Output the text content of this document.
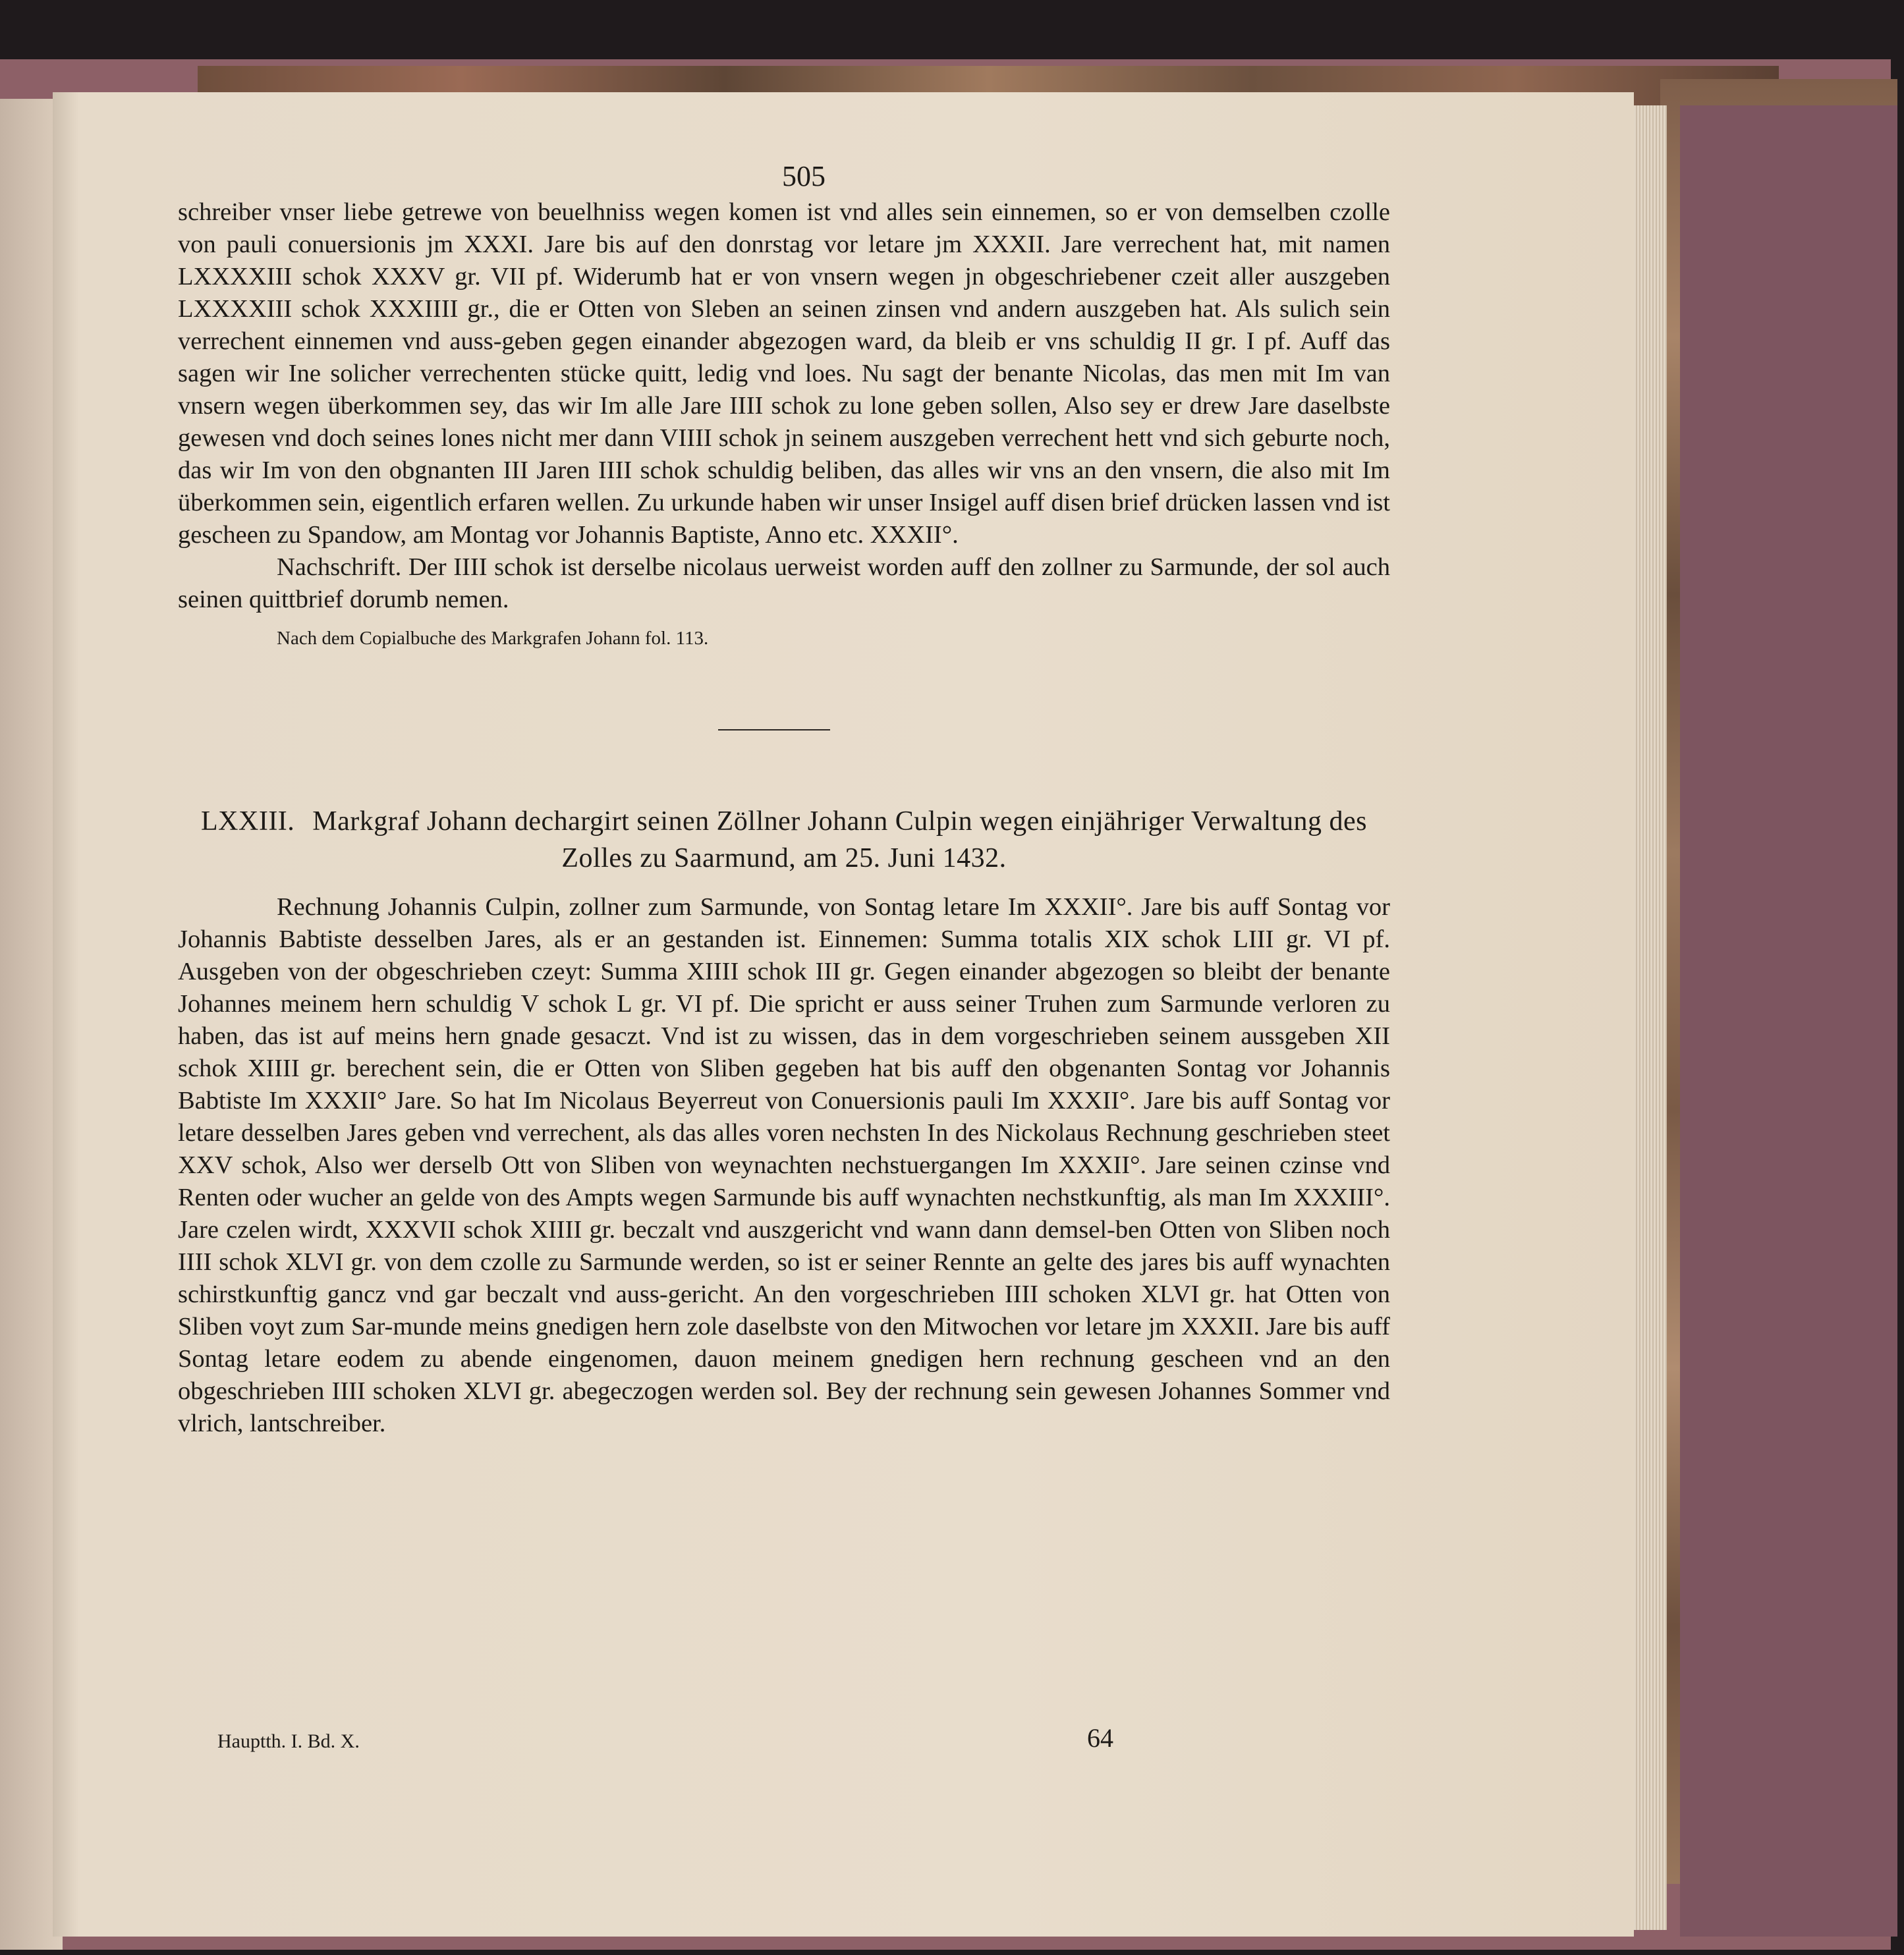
505

schreiber vnser liebe getrewe von beuelhniss wegen komen ist vnd alles sein einnemen, so er von demselben czolle von pauli conuersionis jm XXXI. Jare bis auf den donrstag vor letare jm XXXII. Jare verrechent hat, mit namen LXXXXIII schok XXXV gr. VII pf. Widerumb hat er von vnsern wegen jn obgeschriebener czeit aller auszgeben LXXXXIII schok XXXIIII gr., die er Otten von Sleben an seinen zinsen vnd andern auszgeben hat. Als sulich sein verrechent einnemen vnd auss-geben gegen einander abgezogen ward, da bleib er vns schuldig II gr. I pf. Auff das sagen wir Ine solicher verrechenten stücke quitt, ledig vnd loes. Nu sagt der benante Nicolas, das men mit Im van vnsern wegen überkommen sey, das wir Im alle Jare IIII schok zu lone geben sollen, Also sey er drew Jare daselbste gewesen vnd doch seines lones nicht mer dann VIIII schok jn seinem auszgeben verrechent hett vnd sich geburte noch, das wir Im von den obgnanten III Jaren IIII schok schuldig beliben, das alles wir vns an den vnsern, die also mit Im überkommen sein, eigentlich erfaren wellen. Zu urkunde haben wir unser Insigel auff disen brief drücken lassen vnd ist gescheen zu Spandow, am Montag vor Johannis Baptiste, Anno etc. XXXII°.

Nachschrift. Der IIII schok ist derselbe nicolaus uerweist worden auff den zollner zu Sarmunde, der sol auch seinen quittbrief dorumb nemen.

Nach dem Copialbuche des Markgrafen Johann fol. 113.
LXXIII. Markgraf Johann dechargirt seinen Zöllner Johann Culpin wegen einjähriger Verwaltung des Zolles zu Saarmund, am 25. Juni 1432.

Rechnung Johannis Culpin, zollner zum Sarmunde, von Sontag letare Im XXXII°. Jare bis auff Sontag vor Johannis Babtiste desselben Jares, als er an gestanden ist. Einnemen: Summa totalis XIX schok LIII gr. VI pf. Ausgeben von der obgeschrieben czeyt: Summa XIIII schok III gr. Gegen einander abgezogen so bleibt der benante Johannes meinem hern schuldig V schok L gr. VI pf. Die spricht er auss seiner Truhen zum Sarmunde verloren zu haben, das ist auf meins hern gnade gesaczt. Vnd ist zu wissen, das in dem vorgeschrieben seinem aussgeben XII schok XIIII gr. berechent sein, die er Otten von Sliben gegeben hat bis auff den obgenanten Sontag vor Johannis Babtiste Im XXXII° Jare. So hat Im Nicolaus Beyerreut von Conuersionis pauli Im XXXII°. Jare bis auff Sontag vor letare desselben Jares geben vnd verrechent, als das alles voren nechsten In des Nickolaus Rechnung geschrieben steet XXV schok, Also wer derselb Ott von Sliben von weynachten nechstuergangen Im XXXII°. Jare seinen czinse vnd Renten oder wucher an gelde von des Ampts wegen Sarmunde bis auff wynachten nechstkunftig, als man Im XXXIII°. Jare czelen wirdt, XXXVII schok XIIII gr. beczalt vnd auszgericht vnd wann dann demsel-ben Otten von Sliben noch IIII schok XLVI gr. von dem czolle zu Sarmunde werden, so ist er seiner Rennte an gelte des jares bis auff wynachten schirstkunftig gancz vnd gar beczalt vnd auss-gericht. An den vorgeschrieben IIII schoken XLVI gr. hat Otten von Sliben voyt zum Sar-munde meins gnedigen hern zole daselbste von den Mitwochen vor letare jm XXXII. Jare bis auff Sontag letare eodem zu abende eingenomen, dauon meinem gnedigen hern rechnung gescheen vnd an den obgeschrieben IIII schoken XLVI gr. abegeczogen werden sol. Bey der rechnung sein gewesen Johannes Sommer vnd vlrich, lantschreiber.

Hauptth. I. Bd. X.	64
